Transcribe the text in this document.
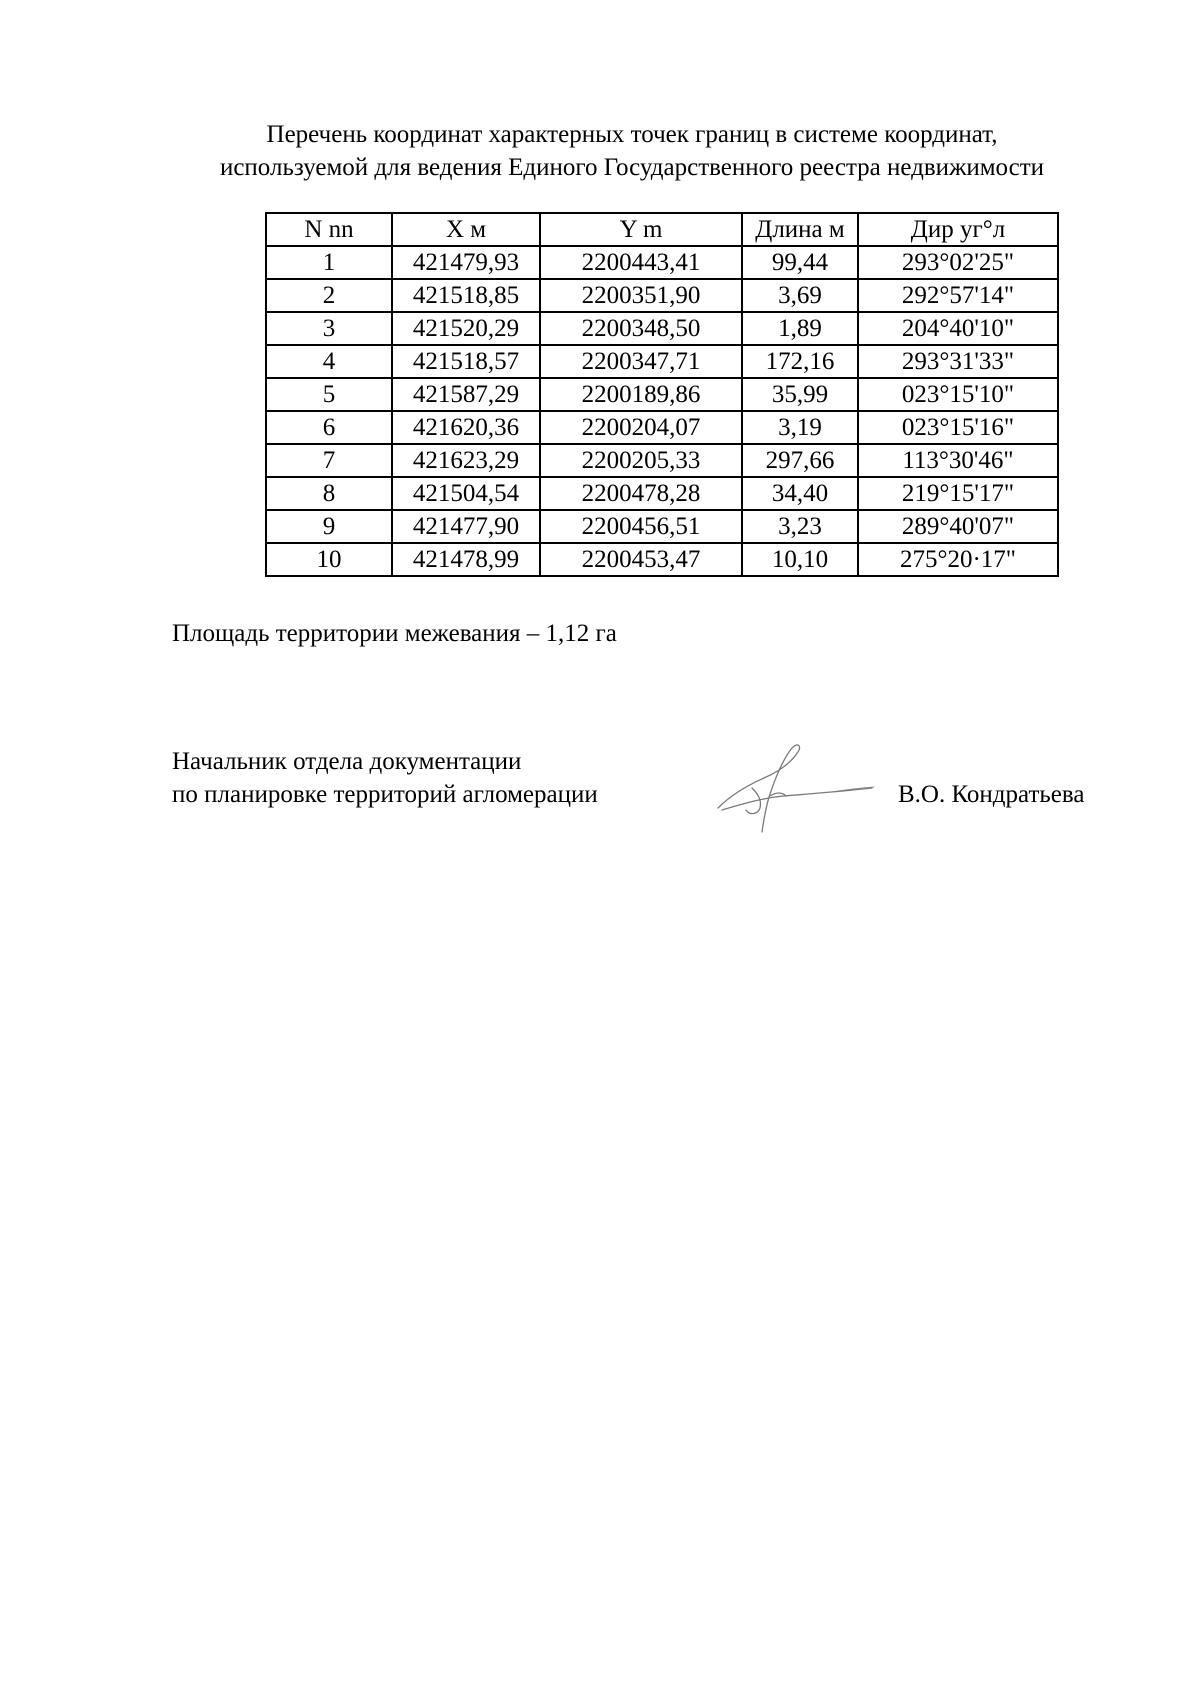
Перечень координат характерных точек границ в системе координат,
используемой для ведения Единого Государственного реестра недвижимости
N nn	X м	Y m	Длина м	Дир уг°л
1	421479,93	2200443,41	99,44	293°02'25"
2	421518,85	2200351,90	3,69	292°57'14"
3	421520,29	2200348,50	1,89	204°40'10"
4	421518,57	2200347,71	172,16	293°31'33"
5	421587,29	2200189,86	35,99	023°15'10"
6	421620,36	2200204,07	3,19	023°15'16"
7	421623,29	2200205,33	297,66	113°30'46"
8	421504,54	2200478,28	34,40	219°15'17"
9	421477,90	2200456,51	3,23	289°40'07"
10	421478,99	2200453,47	10,10	275°20·17"
Площадь территории межевания – 1,12 га
Начальник отдела документации
по планировке территорий агломерации	В.О. Кондратьева
